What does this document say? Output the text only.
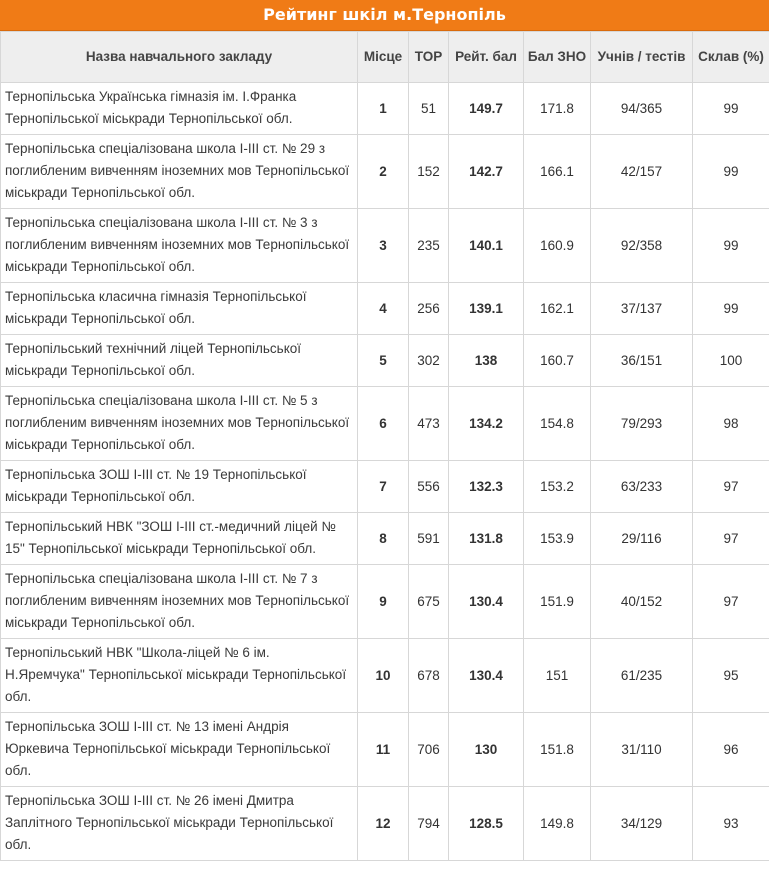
Рейтинг шкіл м.Тернопіль
Назва навчального закладу	Місце	TOP	Рейт. бал	Бал ЗНО	Учнів / тестів	Склав (%)
Тернопільська Українська гімназія ім. І.Франка Тернопільської міськради Тернопільської обл.	1	51	149.7	171.8	94/365	99
Тернопільська спеціалізована школа І-ІІІ ст. № 29 з поглибленим вивченням іноземних мов Тернопільської міськради Тернопільської обл.	2	152	142.7	166.1	42/157	99
Тернопільська спеціалізована школа І-ІІІ ст. № 3 з поглибленим вивченням іноземних мов Тернопільської міськради Тернопільської обл.	3	235	140.1	160.9	92/358	99
Тернопільська класична гімназія Тернопільської міськради Тернопільської обл.	4	256	139.1	162.1	37/137	99
Тернопільський технічний ліцей Тернопільської міськради Тернопільської обл.	5	302	138	160.7	36/151	100
Тернопільська спеціалізована школа І-ІІІ ст. № 5 з поглибленим вивченням іноземних мов Тернопільської міськради Тернопільської обл.	6	473	134.2	154.8	79/293	98
Тернопільська ЗОШ І-ІІІ ст. № 19 Тернопільської міськради Тернопільської обл.	7	556	132.3	153.2	63/233	97
Тернопільський НВК "ЗОШ І-ІІІ ст.-медичний ліцей № 15" Тернопільської міськради Тернопільської обл.	8	591	131.8	153.9	29/116	97
Тернопільська спеціалізована школа І-ІІІ ст. № 7 з поглибленим вивченням іноземних мов Тернопільської міськради Тернопільської обл.	9	675	130.4	151.9	40/152	97
Тернопільський НВК "Школа-ліцей № 6 ім. Н.Яремчука" Тернопільської міськради Тернопільської обл.	10	678	130.4	151	61/235	95
Тернопільська ЗОШ І-ІІІ ст. № 13 імені Андрія Юркевича Тернопільської міськради Тернопільської обл.	11	706	130	151.8	31/110	96
Тернопільська ЗОШ І-ІІІ ст. № 26 імені Дмитра Заплітного Тернопільської міськради Тернопільської обл.	12	794	128.5	149.8	34/129	93
